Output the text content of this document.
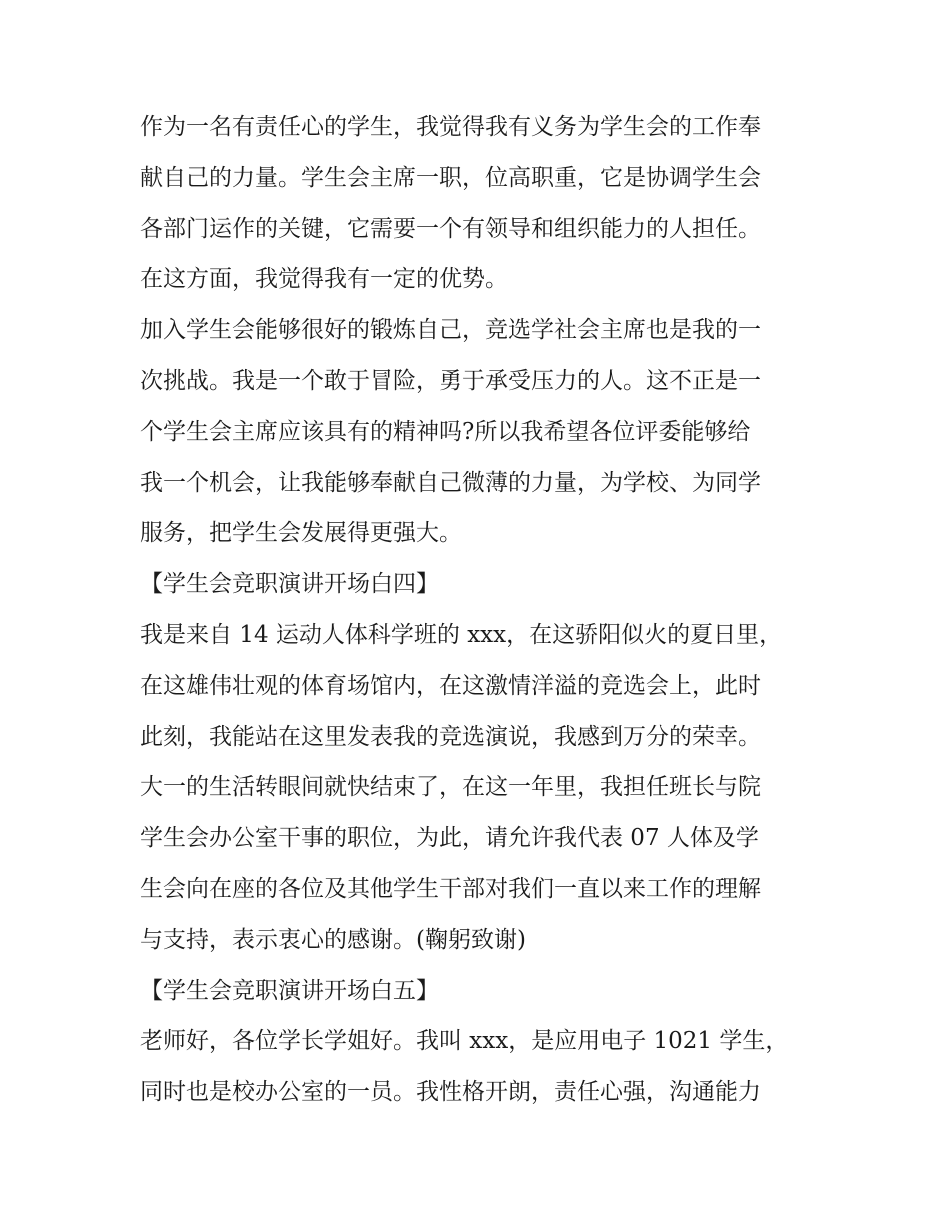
作为一名有责任心的学生，我觉得我有义务为学生会的工作奉
献自己的力量。学生会主席一职，位高职重，它是协调学生会
各部门运作的关键，它需要一个有领导和组织能力的人担任。
在这方面，我觉得我有一定的优势。
加入学生会能够很好的锻炼自己，竞选学社会主席也是我的一
次挑战。我是一个敢于冒险，勇于承受压力的人。这不正是一
个学生会主席应该具有的精神吗?所以我希望各位评委能够给
我一个机会，让我能够奉献自己微薄的力量，为学校、为同学
服务，把学生会发展得更强大。
【学生会竞职演讲开场白四】
我是来自 14 运动人体科学班的 xxx，在这骄阳似火的夏日里，
在这雄伟壮观的体育场馆内，在这激情洋溢的竞选会上，此时
此刻，我能站在这里发表我的竞选演说，我感到万分的荣幸。
大一的生活转眼间就快结束了，在这一年里，我担任班长与院
学生会办公室干事的职位，为此，请允许我代表 07 人体及学
生会向在座的各位及其他学生干部对我们一直以来工作的理解
与支持，表示衷心的感谢。(鞠躬致谢)
【学生会竞职演讲开场白五】
老师好，各位学长学姐好。我叫 xxx，是应用电子 1021 学生，
同时也是校办公室的一员。我性格开朗，责任心强，沟通能力
